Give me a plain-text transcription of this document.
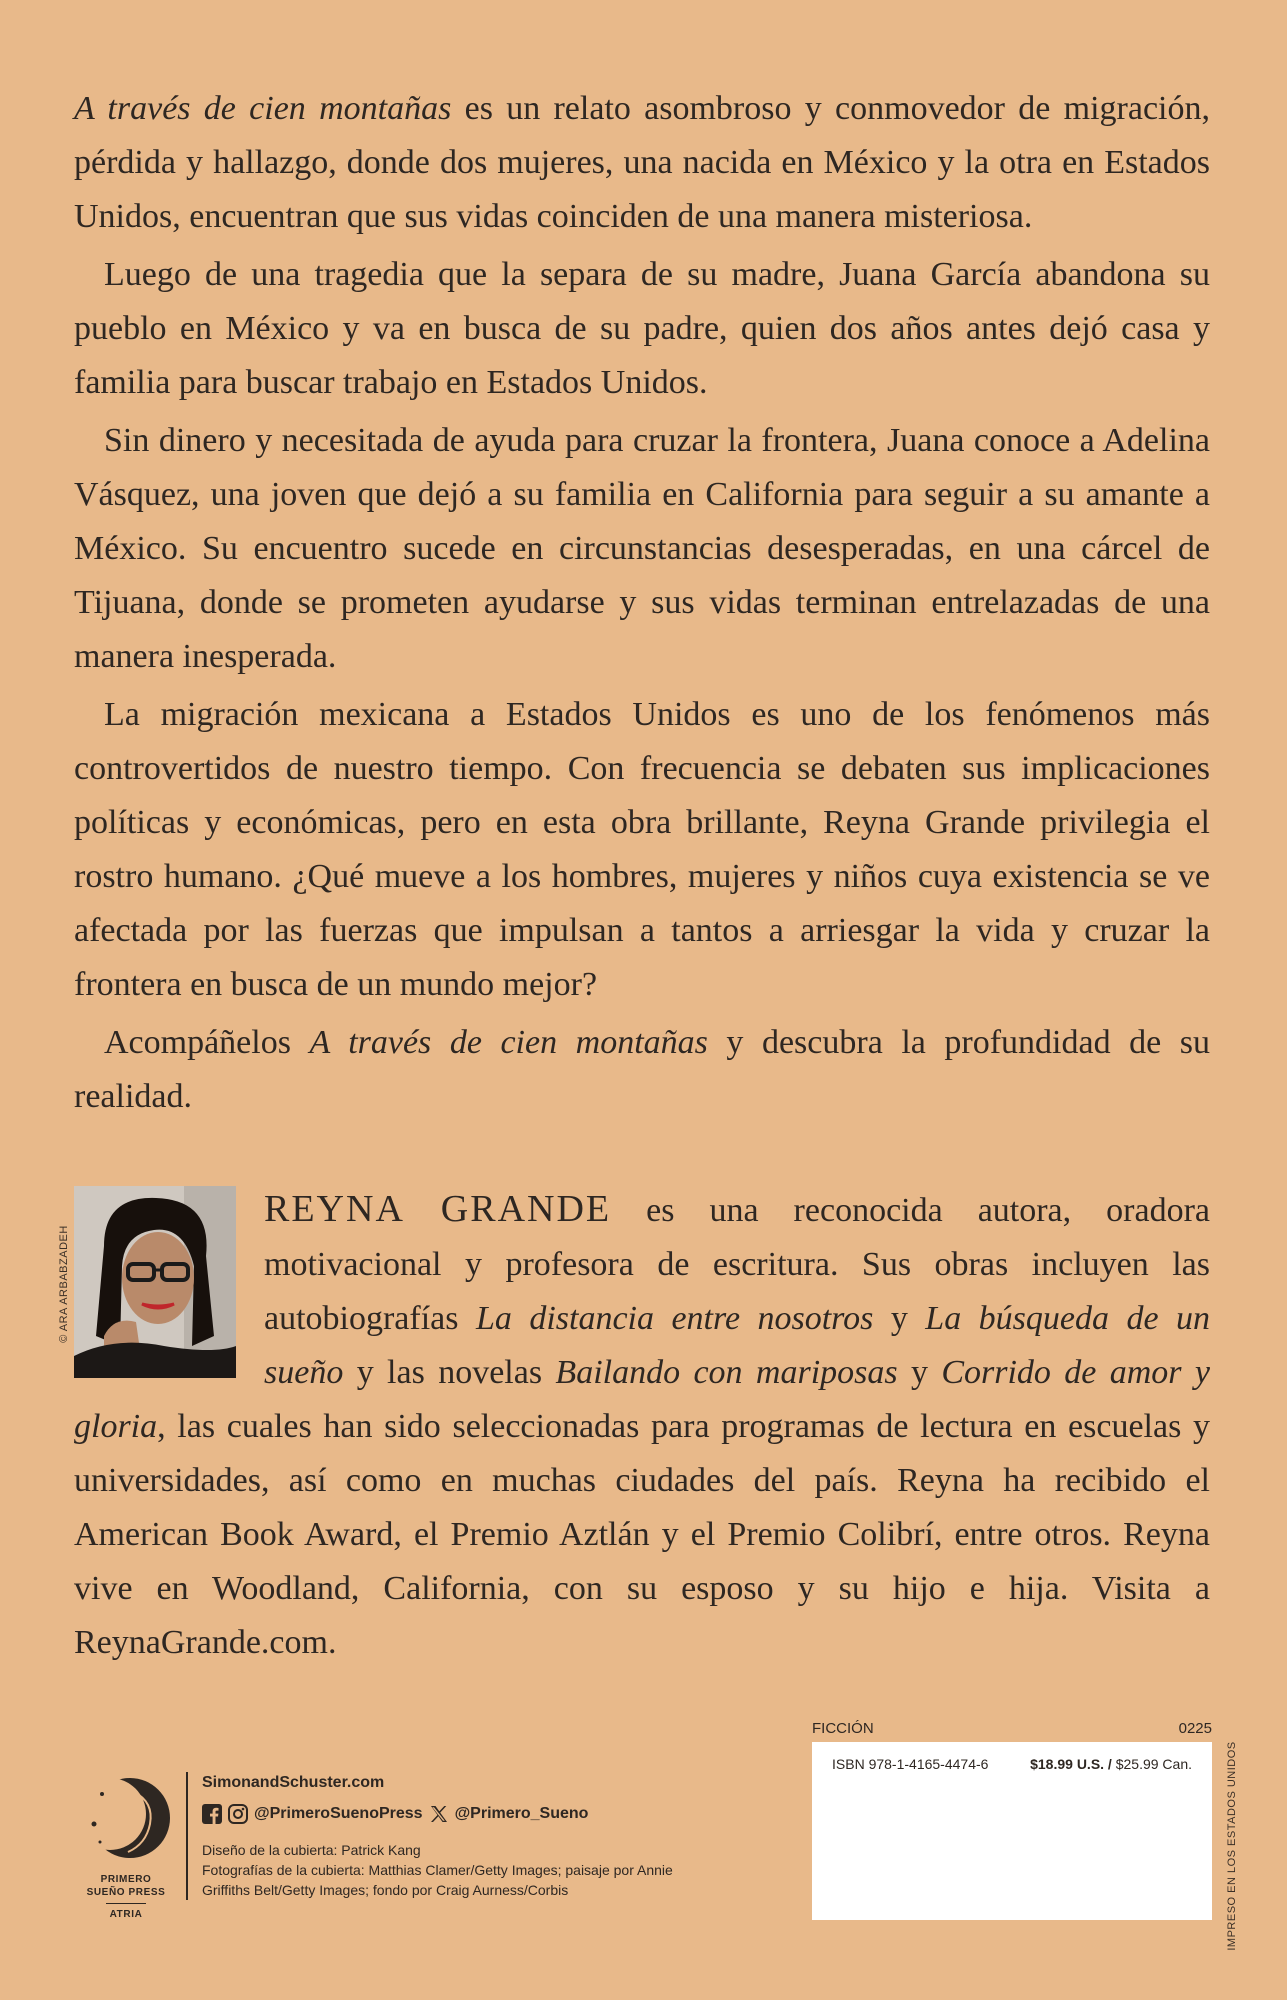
A través de cien montañas es un relato asombroso y conmovedor de migración, pérdida y hallazgo, donde dos mujeres, una nacida en México y la otra en Estados Unidos, encuentran que sus vidas coinciden de una manera misteriosa.

Luego de una tragedia que la separa de su madre, Juana García abandona su pueblo en México y va en busca de su padre, quien dos años antes dejó casa y familia para buscar trabajo en Estados Unidos.

Sin dinero y necesitada de ayuda para cruzar la frontera, Juana conoce a Adelina Vásquez, una joven que dejó a su familia en California para seguir a su amante a México. Su encuentro sucede en circunstancias desesperadas, en una cárcel de Tijuana, donde se prometen ayudarse y sus vidas terminan entrelazadas de una manera inesperada.

La migración mexicana a Estados Unidos es uno de los fenómenos más controvertidos de nuestro tiempo. Con frecuencia se debaten sus implicaciones políticas y económicas, pero en esta obra brillante, Reyna Grande privilegia el rostro humano. ¿Qué mueve a los hombres, mujeres y niños cuya existencia se ve afectada por las fuerzas que impulsan a tantos a arriesgar la vida y cruzar la frontera en busca de un mundo mejor?

Acompáñelos A través de cien montañas y descubra la profundidad de su realidad.

© ARA ARBABZADEH

REYNA GRANDE es una reconocida autora, oradora motivacional y profesora de escritura. Sus obras incluyen las autobiografías La distancia entre nosotros y La búsqueda de un sueño y las novelas Bailando con mariposas y Corrido de amor y gloria, las cuales han sido seleccionadas para programas de lectura en escuelas y universidades, así como en muchas ciudades del país. Reyna ha recibido el American Book Award, el Premio Aztlán y el Premio Colibrí, entre otros. Reyna vive en Woodland, California, con su esposo y su hijo e hija. Visita a ReynaGrande.com.

PRIMERO
SUEÑO PRESS
ATRIA
SimonandSchuster.com
@PrimeroSuenoPress @Primero_Sueno
Diseño de la cubierta: Patrick Kang
Fotografías de la cubierta: Matthias Clamer/Getty Images; paisaje por Annie Griffiths Belt/Getty Images; fondo por Craig Aurness/Corbis
FICCIÓN	0225
ISBN 978-1-4165-4474-6	$18.99 U.S. / $25.99 Can.	IMPRESO EN LOS ESTADOS UNIDOS
